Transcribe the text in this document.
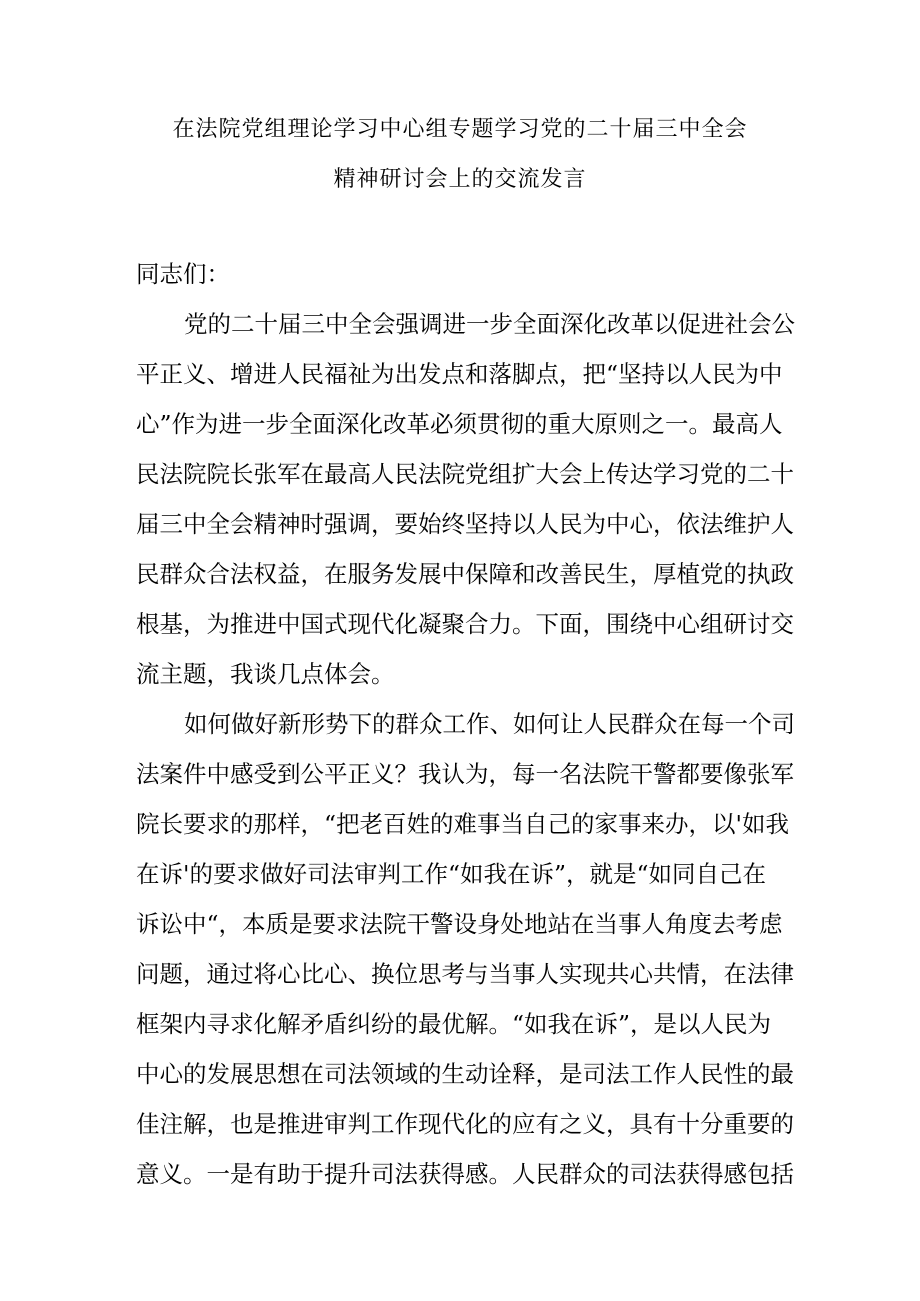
在法院党组理论学习中心组专题学习党的二十届三中全会
精神研讨会上的交流发言
同志们：
党的二十届三中全会强调进一步全面深化改革以促进社会公
平正义、增进人民福祉为出发点和落脚点，把“坚持以人民为中
心”作为进一步全面深化改革必须贯彻的重大原则之一。最高人
民法院院长张军在最高人民法院党组扩大会上传达学习党的二十
届三中全会精神时强调，要始终坚持以人民为中心，依法维护人
民群众合法权益，在服务发展中保障和改善民生，厚植党的执政
根基，为推进中国式现代化凝聚合力。下面，围绕中心组研讨交
流主题，我谈几点体会。
如何做好新形势下的群众工作、如何让人民群众在每一个司
法案件中感受到公平正义？我认为，每一名法院干警都要像张军
院长要求的那样，“把老百姓的难事当自己的家事来办，以'如我
在诉'的要求做好司法审判工作“如我在诉”，就是“如同自己在
诉讼中“，本质是要求法院干警设身处地站在当事人角度去考虑
问题，通过将心比心、换位思考与当事人实现共心共情，在法律
框架内寻求化解矛盾纠纷的最优解。“如我在诉”，是以人民为
中心的发展思想在司法领域的生动诠释，是司法工作人民性的最
佳注解，也是推进审判工作现代化的应有之义，具有十分重要的
意义。一是有助于提升司法获得感。人民群众的司法获得感包括
